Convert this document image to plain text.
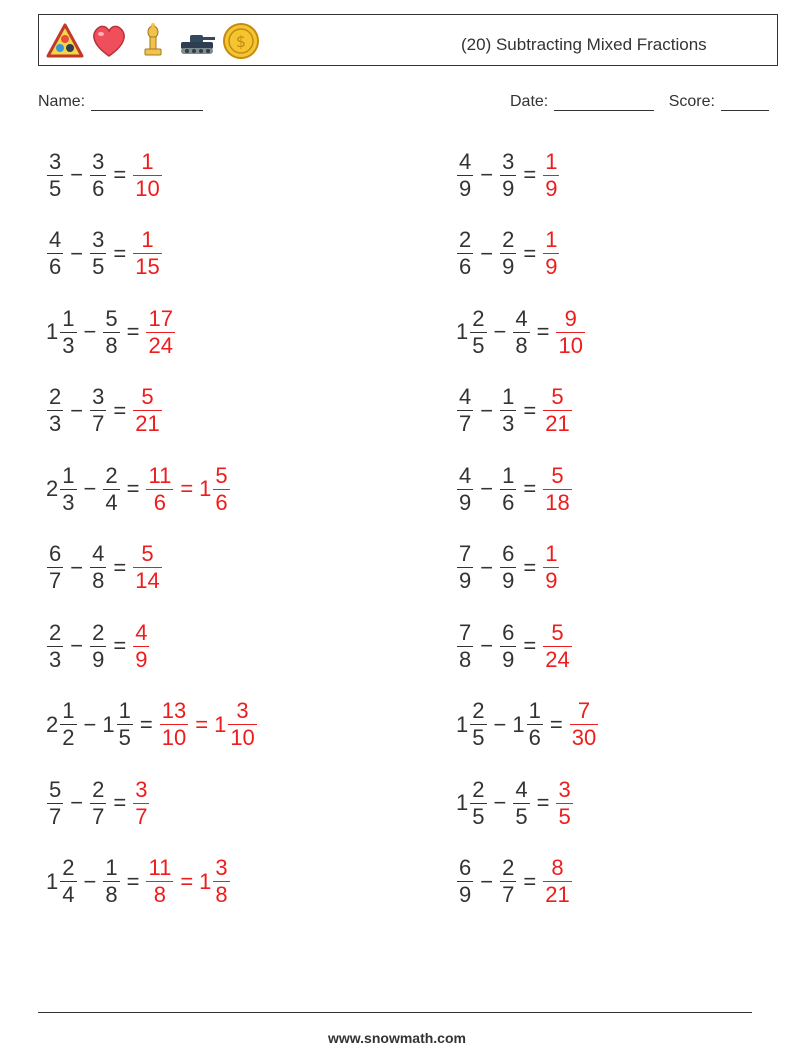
$	(20) Subtracting Mixed Fractions
Name:	Date:	Score:
$\frac{3}{5} - \frac{3}{6} = \frac{1}{10}$	$\frac{4}{9} - \frac{3}{9} = \frac{1}{9}$
$\frac{4}{6} - \frac{3}{5} = \frac{1}{15}$	$\frac{2}{6} - \frac{2}{9} = \frac{1}{9}$
$1 \frac{1}{3} - \frac{5}{8} = \frac{17}{24}$	$1 \frac{2}{5} - \frac{4}{8} = \frac{9}{10}$
$\frac{2}{3} - \frac{3}{7} = \frac{5}{21}$	$\frac{4}{7} - \frac{1}{3} = \frac{5}{21}$
$2 \frac{1}{3} - \frac{2}{4} = \frac{11}{6} = 1 \frac{5}{6}$	$\frac{4}{9} - \frac{1}{6} = \frac{5}{18}$
$\frac{6}{7} - \frac{4}{8} = \frac{5}{14}$	$\frac{7}{9} - \frac{6}{9} = \frac{1}{9}$
$\frac{2}{3} - \frac{2}{9} = \frac{4}{9}$	$\frac{7}{8} - \frac{6}{9} = \frac{5}{24}$
$2 \frac{1}{2} - 1 \frac{1}{5} = \frac{13}{10} = 1 \frac{3}{10}$	$1 \frac{2}{5} - 1 \frac{1}{6} = \frac{7}{30}$
$\frac{5}{7} - \frac{2}{7} = \frac{3}{7}$	$1 \frac{2}{5} - \frac{4}{5} = \frac{3}{5}$
$1 \frac{2}{4} - \frac{1}{8} = \frac{11}{8} = 1 \frac{3}{8}$	$\frac{6}{9} - \frac{2}{7} = \frac{8}{21}$
www.snowmath.com
